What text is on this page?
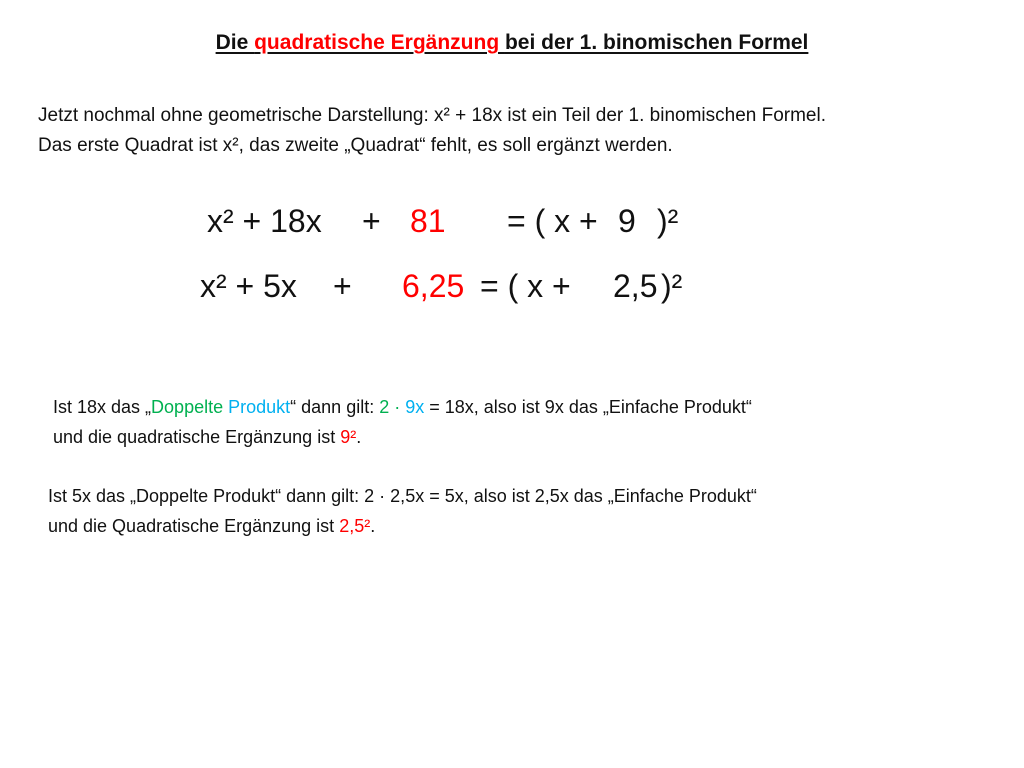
Die quadratische Ergänzung bei der 1. binomischen Formel
Jetzt nochmal ohne geometrische Darstellung: x² + 18x ist ein Teil der 1. binomischen Formel.
Das erste Quadrat ist x², das zweite „Quadrat“ fehlt, es soll ergänzt werden.
x² + 18x + 81 = ( x + 9 )²
x² + 5x + 6,25 = ( x + 2,5 )²
Ist 18x das „Doppelte Produkt“ dann gilt: 2 · 9x = 18x, also ist 9x das „Einfache Produkt“
und die quadratische Ergänzung ist 9².
Ist 5x das „Doppelte Produkt“ dann gilt: 2 · 2,5x = 5x, also ist 2,5x das „Einfache Produkt“
und die Quadratische Ergänzung ist 2,5².
